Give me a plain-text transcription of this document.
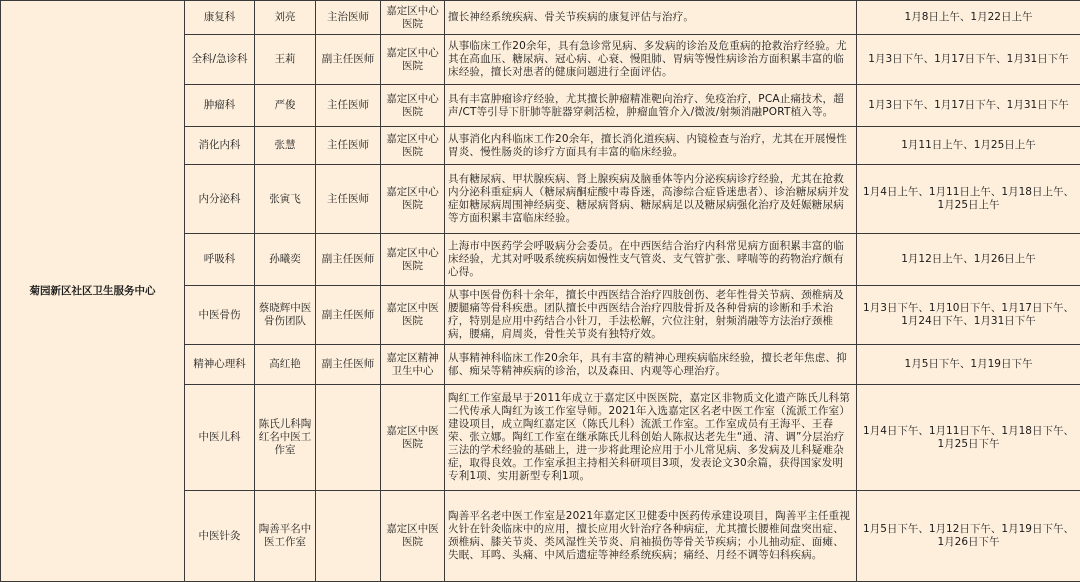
菊园新区社区卫生服务中心	康复科	刘亮	主治医师	嘉定区中心医院	擅长神经系统疾病、骨关节疾病的康复评估与治疗。	1月8日上午、1月22日上午
	全科/急诊科	王莉	副主任医师	嘉定区中心医院	从事临床工作20余年，具有急诊常见病、多发病的诊治及危重病的抢救治疗经验。尤其在高血压、糖尿病、冠心病、心衰、慢阻肺、胃病等慢性病诊治方面积累丰富的临床经验，擅长对患者的健康问题进行全面评估。	1月3日下午、1月17日下午、1月31日下午
	肿瘤科	严俊	主任医师	嘉定区中心医院	具有丰富肿瘤诊疗经验，尤其擅长肿瘤精准靶向治疗、免疫治疗，PCA止痛技术，超声/CT等引导下肝肺等脏器穿刺活检，肿瘤血管介入/微波/射频消融PORT植入等。	1月3日下午、1月17日下午、1月31日下午
	消化内科	张慧	主任医师	嘉定区中心医院	从事消化内科临床工作20余年，擅长消化道疾病、内镜检查与治疗，尤其在开展慢性胃炎、慢性肠炎的诊疗方面具有丰富的临床经验。	1月11日上午、1月25日上午
	内分泌科	张寅飞	主任医师	嘉定区中心医院	具有糖尿病、甲状腺疾病、肾上腺疾病及脑垂体等内分泌疾病诊疗经验，尤其在抢救内分泌科重症病人（糖尿病酮症酸中毒昏迷，高渗综合症昏迷患者）、诊治糖尿病并发症如糖尿病周围神经病变、糖尿病肾病、糖尿病足以及糖尿病强化治疗及妊娠糖尿病等方面积累丰富临床经验。	1月4日上午、1月11日上午、1月18日上午、1月25日上午
	呼吸科	孙曦奕	副主任医师	嘉定区中心医院	上海市中医药学会呼吸病分会委员。在中西医结合治疗内科常见病方面积累丰富的临床经验，尤其对呼吸系统疾病如慢性支气管炎、支气管扩张、哮喘等的药物治疗颇有心得。	1月12日上午、1月26日上午
	中医骨伤	蔡晓辉中医骨伤团队	副主任医师	嘉定区中医医院	从事中医骨伤科十余年，擅长中西医结合治疗四肢创伤、老年性骨关节病、颈椎病及腰腿痛等骨科疾患。团队擅长中西医结合治疗四肢骨折及各种骨病的诊断和手术治疗，特别是应用中药结合小针刀，手法松解，穴位注射，射频消融等方法治疗颈椎病，腰痛，肩周炎，骨性关节炎有独特疗效。	1月3日下午、1月10日下午、1月17日下午、1月24日下午、1月31日下午
	精神心理科	高红艳	副主任医师	嘉定区精神卫生中心	从事精神科临床工作20余年，具有丰富的精神心理疾病临床经验，擅长老年焦虑、抑郁、痴呆等精神疾病的诊治，以及森田、内观等心理治疗。	1月5日下午、1月19日下午
	中医儿科	陈氏儿科陶红名中医工作室		嘉定区中医医院	陶红工作室最早于2011年成立于嘉定区中医医院，嘉定区非物质文化遗产陈氏儿科第二代传承人陶红为该工作室导师。2021年入选嘉定区名老中医工作室（流派工作室）建设项目，成立陶红嘉定区（陈氏儿科）流派工作室。工作室成员有王海平、王春荣、张立娜。陶红工作室在继承陈氏儿科创始人陈叔达老先生“通、清、调”分层治疗三法的学术经验的基础上，进一步将此理论应用于小儿常见病、多发病及儿科疑难杂症，取得良效。工作室承担主持相关科研项目3项，发表论文30余篇，获得国家发明专利1项、实用新型专利1项。	1月4日下午、1月11日下午、1月18日下午、1月25日下午
	中医针灸	陶善平名中医工作室		嘉定区中医医院	陶善平名老中医工作室是2021年嘉定区卫健委中医药传承建设项目，陶善平主任重视火针在针灸临床中的应用，擅长应用火针治疗各种病症，尤其擅长腰椎间盘突出症、颈椎病、膝关节炎、类风湿性关节炎、肩袖损伤等骨关节疾病；小儿抽动症、面瘫、失眠、耳鸣、头痛、中风后遗症等神经系统疾病；痛经、月经不调等妇科疾病。	1月5日下午、1月12日下午、1月19日下午、1月26日下午
